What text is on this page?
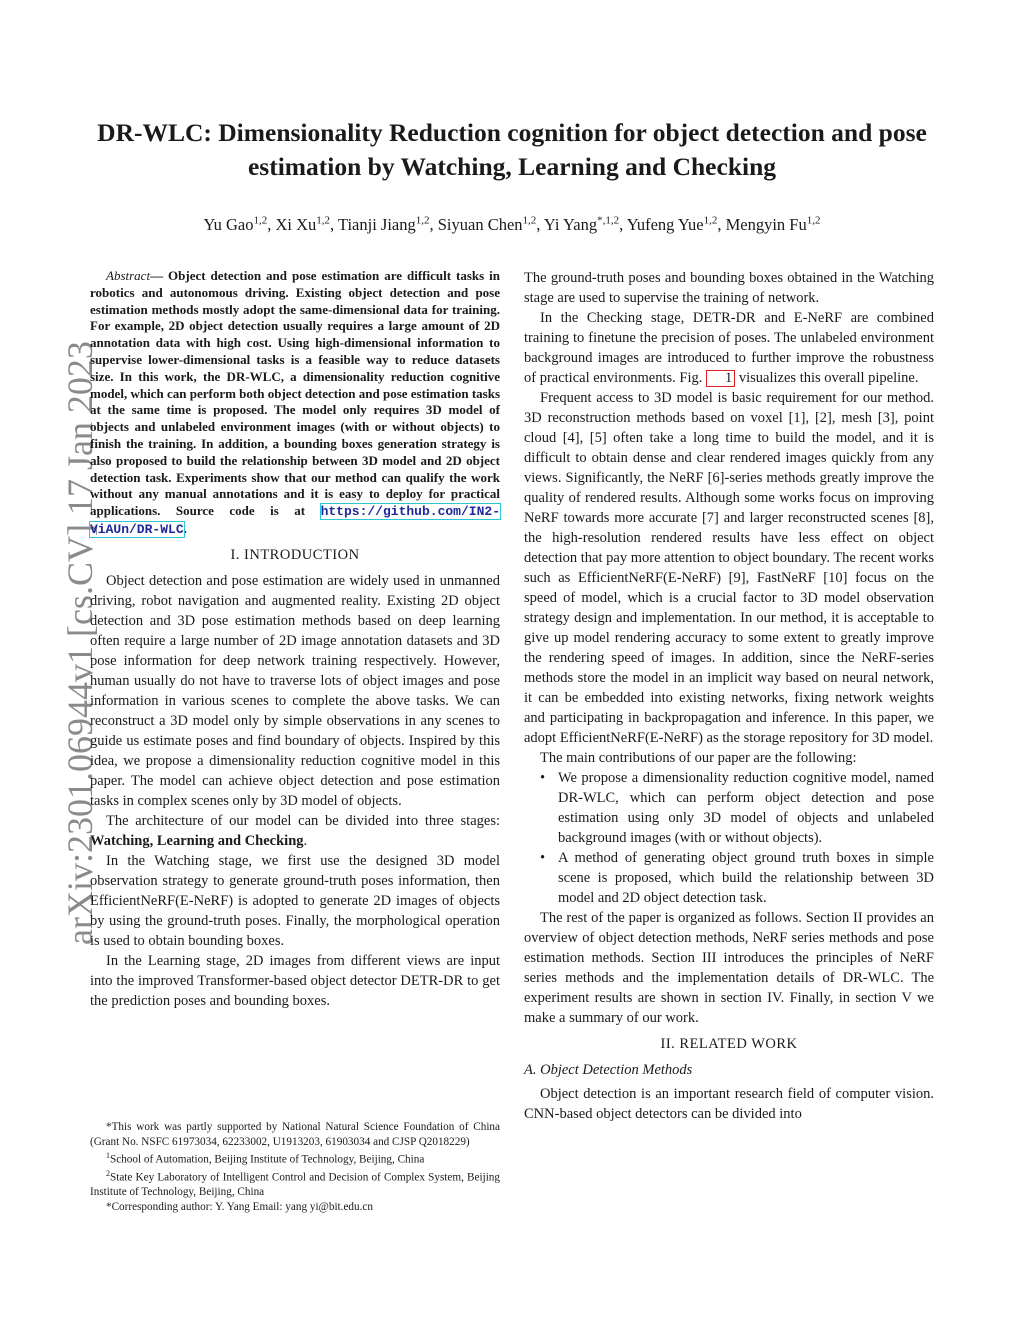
arXiv:2301.06944v1 [cs.CV] 17 Jan 2023
DR-WLC: Dimensionality Reduction cognition for object detection and pose estimation by Watching, Learning and Checking
Yu Gao$^{1,2}$, Xi Xu$^{1,2}$, Tianji Jiang$^{1,2}$, Siyuan Chen$^{1,2}$, Yi Yang$^{*,1,2}$, Yufeng Yue$^{1,2}$, Mengyin Fu$^{1,2}$

Abstract— Object detection and pose estimation are difficult tasks in robotics and autonomous driving. Existing object detection and pose estimation methods mostly adopt the same-dimensional data for training. For example, 2D object detection usually requires a large amount of 2D annotation data with high cost. Using high-dimensional information to supervise lower-dimensional tasks is a feasible way to reduce datasets size. In this work, the DR-WLC, a dimensionality reduction cognitive model, which can perform both object detection and pose estimation tasks at the same time is proposed. The model only requires 3D model of objects and unlabeled environment images (with or without objects) to finish the training. In addition, a bounding boxes generation strategy is also proposed to build the relationship between 3D model and 2D object detection task. Experiments show that our method can qualify the work without any manual annotations and it is easy to deploy for practical applications. Source code is at https://github.com/IN2-ViAUn/DR-WLC.

I. INTRODUCTION

Object detection and pose estimation are widely used in unmanned driving, robot navigation and augmented reality. Existing 2D object detection and 3D pose estimation methods based on deep learning often require a large number of 2D image annotation datasets and 3D pose information for deep network training respectively. However, human usually do not have to traverse lots of object images and pose information in various scenes to complete the above tasks. We can reconstruct a 3D model only by simple observations in any scenes to guide us estimate poses and find boundary of objects. Inspired by this idea, we propose a dimensionality reduction cognitive model in this paper. The model can achieve object detection and pose estimation tasks in complex scenes only by 3D model of objects.

The architecture of our model can be divided into three stages: Watching, Learning and Checking.

In the Watching stage, we first use the designed 3D model observation strategy to generate ground-truth poses information, then EfficientNeRF(E-NeRF) is adopted to generate 2D images of objects by using the ground-truth poses. Finally, the morphological operation is used to obtain bounding boxes.

In the Learning stage, 2D images from different views are input into the improved Transformer-based object detector DETR-DR to get the prediction poses and bounding boxes.

*This work was partly supported by National Natural Science Foundation of China (Grant No. NSFC 61973034, 62233002, U1913203, 61903034 and CJSP Q2018229)

$^1$School of Automation, Beijing Institute of Technology, Beijing, China

$^2$State Key Laboratory of Intelligent Control and Decision of Complex System, Beijing Institute of Technology, Beijing, China

*Corresponding author: Y. Yang Email: yang yi@bit.edu.cn

The ground-truth poses and bounding boxes obtained in the Watching stage are used to supervise the training of network.

In the Checking stage, DETR-DR and E-NeRF are combined training to finetune the precision of poses. The unlabeled environment background images are introduced to further improve the robustness of practical environments. Fig. 1 visualizes this overall pipeline.

Frequent access to 3D model is basic requirement for our method. 3D reconstruction methods based on voxel [1], [2], mesh [3], point cloud [4], [5] often take a long time to build the model, and it is difficult to obtain dense and clear rendered images quickly from any views. Significantly, the NeRF [6]-series methods greatly improve the quality of rendered results. Although some works focus on improving NeRF towards more accurate [7] and larger reconstructed scenes [8], the high-resolution rendered results have less effect on object detection that pay more attention to object boundary. The recent works such as EfficientNeRF(E-NeRF) [9], FastNeRF [10] focus on the speed of model, which is a crucial factor to 3D model observation strategy design and implementation. In our method, it is acceptable to give up model rendering accuracy to some extent to greatly improve the rendering speed of images. In addition, since the NeRF-series methods store the model in an implicit way based on neural network, it can be embedded into existing networks, fixing network weights and participating in backpropagation and inference. In this paper, we adopt EfficientNeRF(E-NeRF) as the storage repository for 3D model.

The main contributions of our paper are the following:

• We propose a dimensionality reduction cognitive model, named DR-WLC, which can perform object detection and pose estimation using only 3D model of objects and unlabeled background images (with or without objects).
• A method of generating object ground truth boxes in simple scene is proposed, which build the relationship between 3D model and 2D object detection task.

The rest of the paper is organized as follows. Section II provides an overview of object detection methods, NeRF series methods and pose estimation methods. Section III introduces the principles of NeRF series methods and the implementation details of DR-WLC. The experiment results are shown in section IV. Finally, in section V we make a summary of our work.

II. RELATED WORK

A. Object Detection Methods

Object detection is an important research field of computer vision. CNN-based object detectors can be divided into
